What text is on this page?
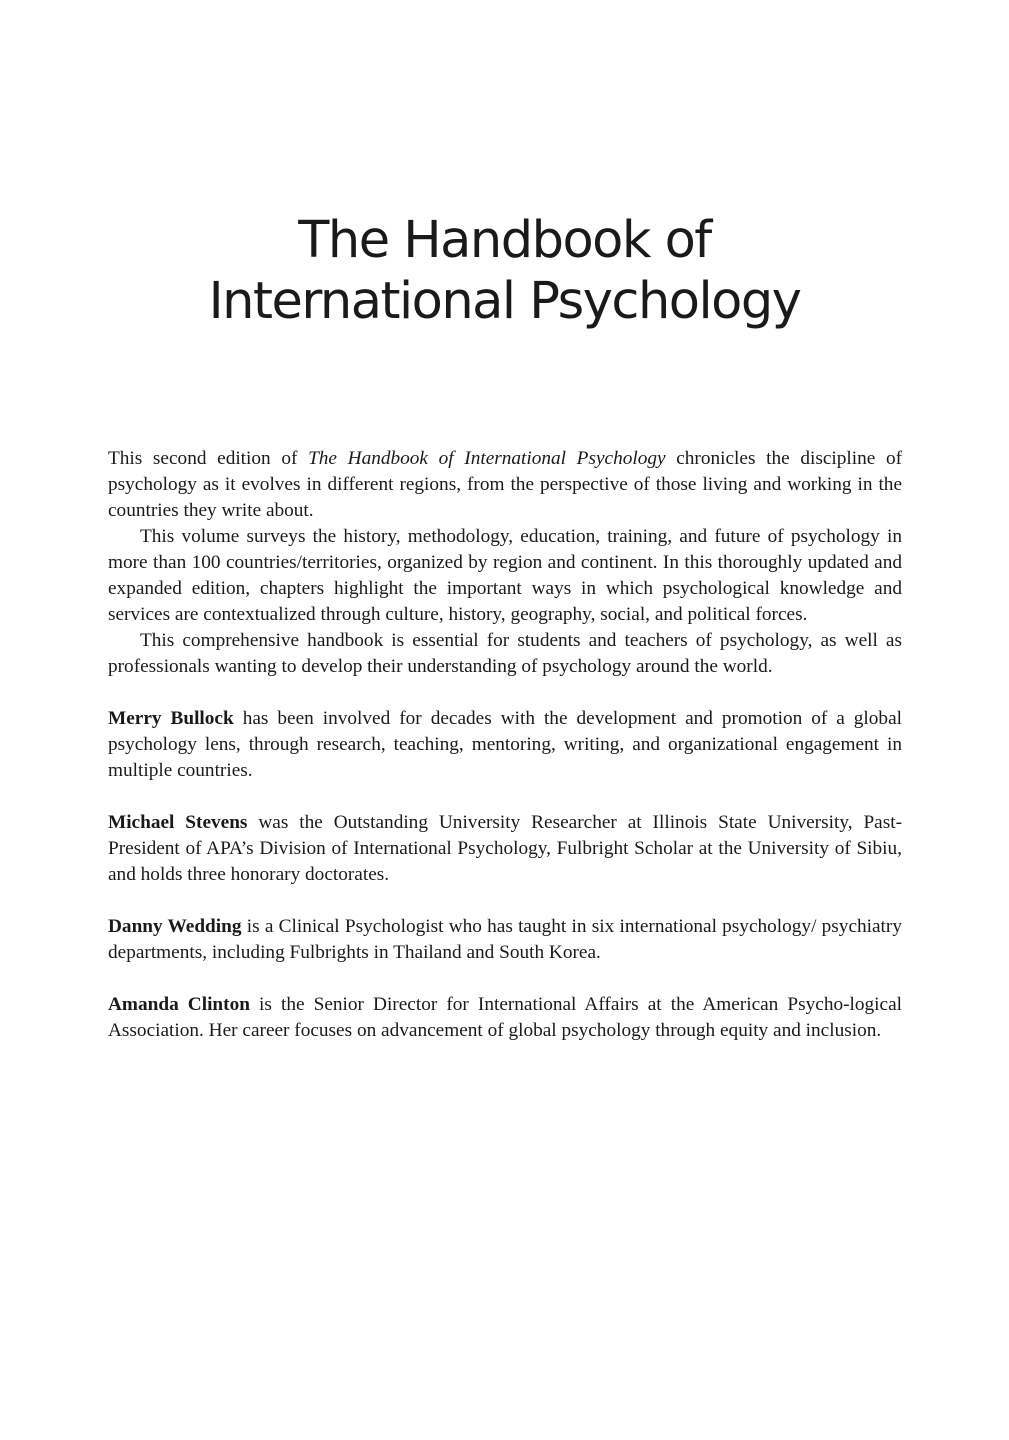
The Handbook of
International Psychology

This second edition of The Handbook of International Psychology chronicles the discipline of psychology as it evolves in different regions, from the perspective of those living and working in the countries they write about.

This volume surveys the history, methodology, education, training, and future of psychology in more than 100 countries/territories, organized by region and continent. In this thoroughly updated and expanded edition, chapters highlight the important ways in which psychological knowledge and services are contextualized through culture, history, geography, social, and political forces.

This comprehensive handbook is essential for students and teachers of psychology, as well as professionals wanting to develop their understanding of psychology around the world.

Merry Bullock has been involved for decades with the development and promotion of a global psychology lens, through research, teaching, mentoring, writing, and organizational engagement in multiple countries.

Michael Stevens was the Outstanding University Researcher at Illinois State University, Past-President of APA’s Division of International Psychology, Fulbright Scholar at the University of Sibiu, and holds three honorary doctorates.

Danny Wedding is a Clinical Psychologist who has taught in six international psychology/ psychiatry departments, including Fulbrights in Thailand and South Korea.

Amanda Clinton is the Senior Director for International Affairs at the American Psycho-logical Association. Her career focuses on advancement of global psychology through equity and inclusion.
